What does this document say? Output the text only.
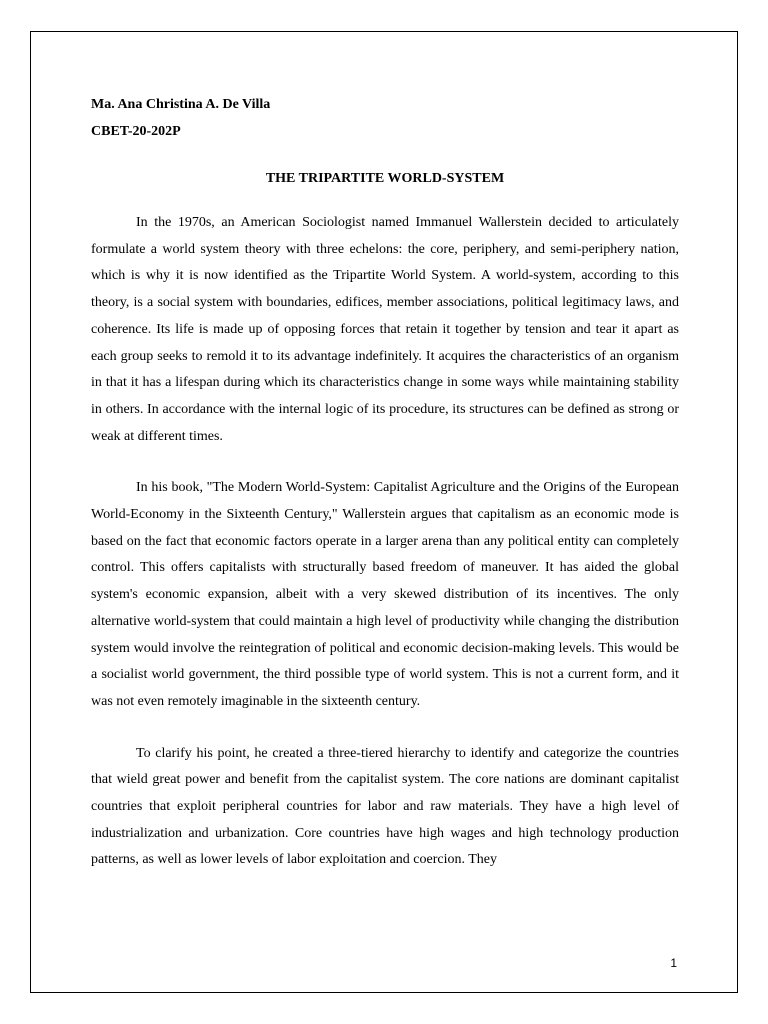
Ma. Ana Christina A. De Villa
CBET-20-202P
THE TRIPARTITE WORLD-SYSTEM

In the 1970s, an American Sociologist named Immanuel Wallerstein decided to articulately formulate a world system theory with three echelons: the core, periphery, and semi-periphery nation, which is why it is now identified as the Tripartite World System. A world-system, according to this theory, is a social system with boundaries, edifices, member associations, political legitimacy laws, and coherence. Its life is made up of opposing forces that retain it together by tension and tear it apart as each group seeks to remold it to its advantage indefinitely. It acquires the characteristics of an organism in that it has a lifespan during which its characteristics change in some ways while maintaining stability in others. In accordance with the internal logic of its procedure, its structures can be defined as strong or weak at different times.

In his book, "The Modern World-System: Capitalist Agriculture and the Origins of the European World-Economy in the Sixteenth Century," Wallerstein argues that capitalism as an economic mode is based on the fact that economic factors operate in a larger arena than any political entity can completely control. This offers capitalists with structurally based freedom of maneuver. It has aided the global system's economic expansion, albeit with a very skewed distribution of its incentives. The only alternative world-system that could maintain a high level of productivity while changing the distribution system would involve the reintegration of political and economic decision-making levels. This would be a socialist world government, the third possible type of world system. This is not a current form, and it was not even remotely imaginable in the sixteenth century.

To clarify his point, he created a three-tiered hierarchy to identify and categorize the countries that wield great power and benefit from the capitalist system. The core nations are dominant capitalist countries that exploit peripheral countries for labor and raw materials. They have a high level of industrialization and urbanization. Core countries have high wages and high technology production patterns, as well as lower levels of labor exploitation and coercion. They

1
